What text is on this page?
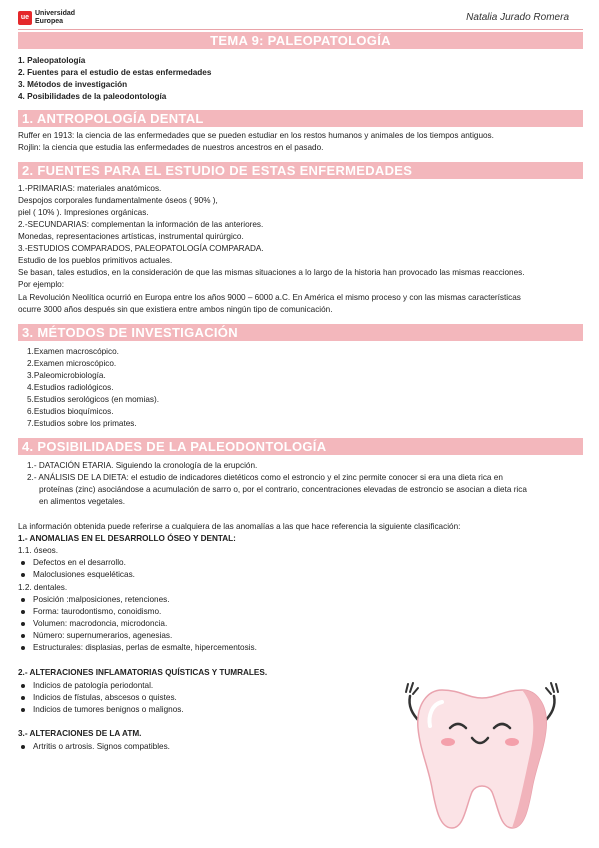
ue
Universidad
Europea	Natalia Jurado Romera
TEMA 9: PALEOPATOLOGÍA
1. Paleopatología
2. Fuentes para el estudio de estas enfermedades
3. Métodos de investigación
4. Posibilidades de la paleodontología
1. ANTROPOLOGÍA DENTAL
Ruffer en 1913: la ciencia de las enfermedades que se pueden estudiar en los restos humanos y animales de los tiempos antiguos.
Rojlin: la ciencia que estudia las enfermedades de nuestros ancestros en el pasado.
2. FUENTES PARA EL ESTUDIO DE ESTAS ENFERMEDADES
1.-PRIMARIAS: materiales anatómicos.
Despojos corporales fundamentalmente óseos ( 90% ),
piel ( 10% ). Impresiones orgánicas.
2.-SECUNDARIAS: complementan la información de las anteriores.
Monedas, representaciones artísticas, instrumental quirúrgico.
3.-ESTUDIOS COMPARADOS, PALEOPATOLOGÍA COMPARADA.
Estudio de los pueblos primitivos actuales.
Se basan, tales estudios, en la consideración de que las mismas situaciones a lo largo de la historia han provocado las mismas reacciones.
Por ejemplo:
La Revolución Neolítica ocurrió en Europa entre los años 9000 – 6000 a.C. En América el mismo proceso y con las mismas características
ocurre 3000 años después sin que existiera entre ambos ningún tipo de comunicación.
3. MÉTODOS DE INVESTIGACIÓN
1.Examen macroscópico.
2.Examen microscópico.
3.Paleomicrobiología.
4.Estudios radiológicos.
5.Estudios serológicos (en momias).
6.Estudios bioquímicos.
7.Estudios sobre los primates.
4. POSIBILIDADES DE LA PALEODONTOLOGÍA
1.- DATACIÓN ETARIA. Siguiendo la cronología de la erupción.
2.- ANÁLISIS DE LA DIETA: el estudio de indicadores dietéticos como el estroncio y el zinc permite conocer si era una dieta rica en
proteínas (zinc) asociándose a acumulación de sarro o, por el contrario, concentraciones elevadas de estroncio se asocian a dieta rica
en alimentos vegetales.
La información obtenida puede referirse a cualquiera de las anomalías a las que hace referencia la siguiente clasificación:
1.- ANOMALIAS EN EL DESARROLLO ÓSEO Y DENTAL:
1.1. óseos.
Defectos en el desarrollo.
Maloclusiones esqueléticas.
1.2. dentales.
Posición :malposiciones, retenciones.
Forma: taurodontismo, conoidismo.
Volumen: macrodoncia, microdoncia.
Número: supernumerarios, agenesias.
Estructurales: displasias, perlas de esmalte, hipercementosis.
2.- ALTERACIONES INFLAMATORIAS QUÍSTICAS Y TUMRALES.
Indicios de patología periodontal.
Indicios de fístulas, abscesos o quistes.
Indicios de tumores benignos o malignos.
3.- ALTERACIONES DE LA ATM.
Artritis o artrosis. Signos compatibles.
